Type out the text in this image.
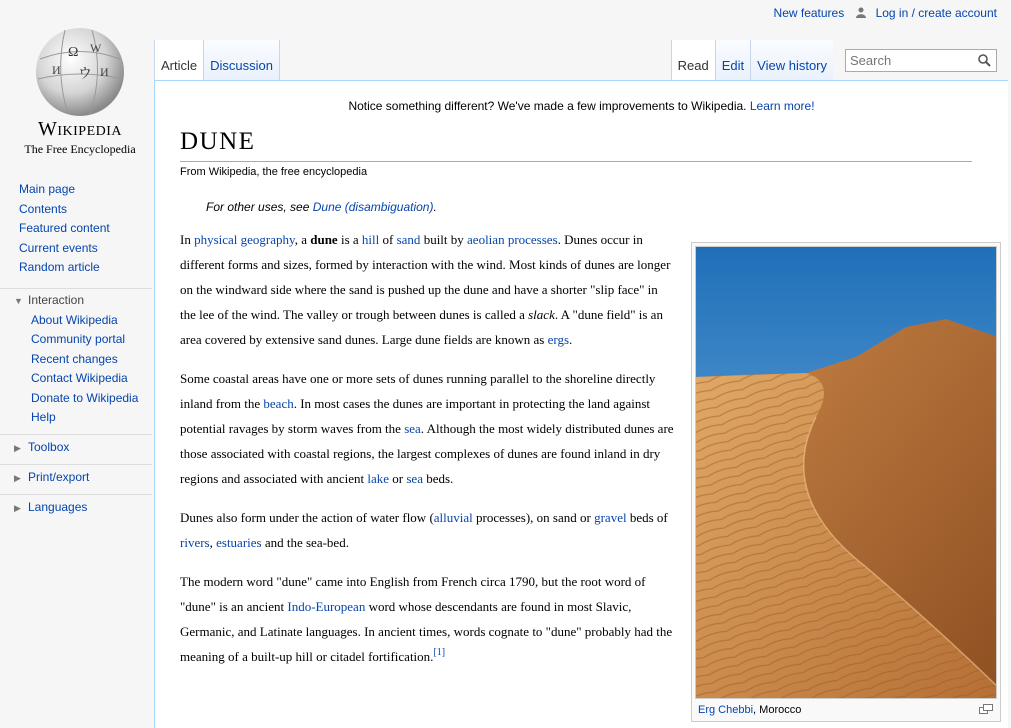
New features	Log in / create account
Ω W
И ウ И
Wikipedia
The Free Encyclopedia
Main page
Contents
Featured content
Current events
Random article
▼ Interaction
About Wikipedia
Community portal
Recent changes
Contact Wikipedia
Donate to Wikipedia
Help
▶ Toolbox
▶ Print/export
▶ Languages
Article Discussion	Read Edit View history
Search
Notice something different? We've made a few improvements to Wikipedia. Learn more!
DUNE
From Wikipedia, the free encyclopedia
For other uses, see Dune (disambiguation).

In physical geography, a dune is a hill of sand built by aeolian processes. Dunes occur in different forms and sizes, formed by interaction with the wind. Most kinds of dunes are longer on the windward side where the sand is pushed up the dune and have a shorter "slip face" in the lee of the wind. The valley or trough between dunes is called a slack. A "dune field" is an area covered by extensive sand dunes. Large dune fields are known as ergs.

Some coastal areas have one or more sets of dunes running parallel to the shoreline directly inland from the beach. In most cases the dunes are important in protecting the land against potential ravages by storm waves from the sea. Although the most widely distributed dunes are those associated with coastal regions, the largest complexes of dunes are found inland in dry regions and associated with ancient lake or sea beds.

Dunes also form under the action of water flow (alluvial processes), on sand or gravel beds of rivers, estuaries and the sea-bed.

The modern word "dune" came into English from French circa 1790, but the root word of "dune" is an ancient Indo-European word whose descendants are found in most Slavic, Germanic, and Latinate languages. In ancient times, words cognate to "dune" probably had the meaning of a built-up hill or citadel fortification.[1]

Erg Chebbi, Morocco
